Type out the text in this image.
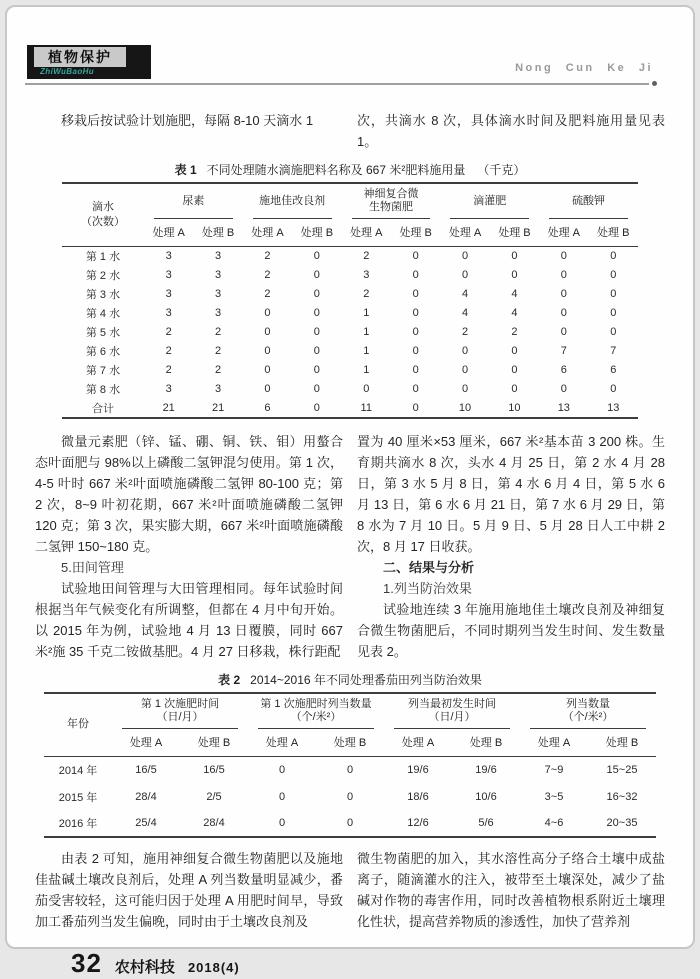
植物保护
ZhiWuBaoHu	Nong Cun Ke Ji
移栽后按试验计划施肥，每隔 8-10 天滴水 1	次，共滴水 8 次，具体滴水时间及肥料施用量见表 1。
表 1 不同处理随水滴施肥料名称及 667 米²肥料施用量 （千克）
滴水
（次数）

尿素	施地佳改良剂

神细复合微
生物菌肥

滴灌肥	硫酸钾

	处理 A	处理 B	处理 A	处理 B	处理 A	处理 B	处理 A	处理 B	处理 A	处理 B
第 1 水	3	3	2	0	2	0	0	0	0	0
第 2 水	3	3	2	0	3	0	0	0	0	0
第 3 水	3	3	2	0	2	0	4	4	0	0
第 4 水	3	3	0	0	1	0	4	4	0	0
第 5 水	2	2	0	0	1	0	2	2	0	0
第 6 水	2	2	0	0	1	0	0	0	7	7
第 7 水	2	2	0	0	1	0	0	0	6	6
第 8 水	3	3	0	0	0	0	0	0	0	0
合计	21	21	6	0	11	0	10	10	13	13

微量元素肥（锌、锰、硼、铜、铁、钼）用螯合态叶面肥与 98%以上磷酸二氢钾混匀使用。第 1 次，4-5 叶时 667 米²叶面喷施磷酸二氢钾 80-100 克；第 2 次，8~9 叶初花期，667 米²叶面喷施磷酸二氢钾 120 克；第 3 次，果实膨大期，667 米²叶面喷施磷酸二氢钾 150~180 克。

5.田间管理

试验地田间管理与大田管理相同。每年试验时间根据当年气候变化有所调整，但都在 4 月中旬开始。以 2015 年为例，试验地 4 月 13 日覆膜，同时 667 米²施 35 千克二铵做基肥。4 月 27 日移栽，株行距配

置为 40 厘米×53 厘米，667 米²基本苗 3 200 株。生育期共滴水 8 次，头水 4 月 25 日，第 2 水 4 月 28 日，第 3 水 5 月 8 日，第 4 水 6 月 4 日，第 5 水 6 月 13 日，第 6 水 6 月 21 日，第 7 水 6 月 29 日，第 8 水为 7 月 10 日。5 月 9 日、5 月 28 日人工中耕 2 次，8 月 17 日收获。

二、结果与分析

1.列当防治效果

试验地连续 3 年施用施地佳土壤改良剂及神细复合微生物菌肥后，不同时期列当发生时间、发生数量见表 2。

表 2 2014~2016 年不同处理番茄田列当防治效果
年份	
第 1 次施肥时间
（日/月）

第 1 次施肥时列当数量
（个/米²）

列当最初发生时间
（日/月）

列当数量
（个/米²）

	处理 A	处理 B	处理 A	处理 B	处理 A	处理 B	处理 A	处理 B
2014 年	16/5	16/5	0	0	19/6	19/6	7~9	15~25
2015 年	28/4	2/5	0	0	18/6	10/6	3~5	16~32
2016 年	25/4	28/4	0	0	12/6	5/6	4~6	20~35
由表 2 可知，施用神细复合微生物菌肥以及施地佳盐碱土壤改良剂后，处理 A 列当数量明显减少，番茄受害较轻，这可能归因于处理 A 用肥时间早，导致加工番茄列当发生偏晚，同时由于土壤改良剂及
微生物菌肥的加入，其水溶性高分子络合土壤中成盐离子，随滴灌水的注入，被带至土壤深处，减少了盐碱对作物的毒害作用，同时改善植物根系附近土壤理化性状，提高营养物质的渗透性，加快了营养剂
32 农村科技 2018(4)
